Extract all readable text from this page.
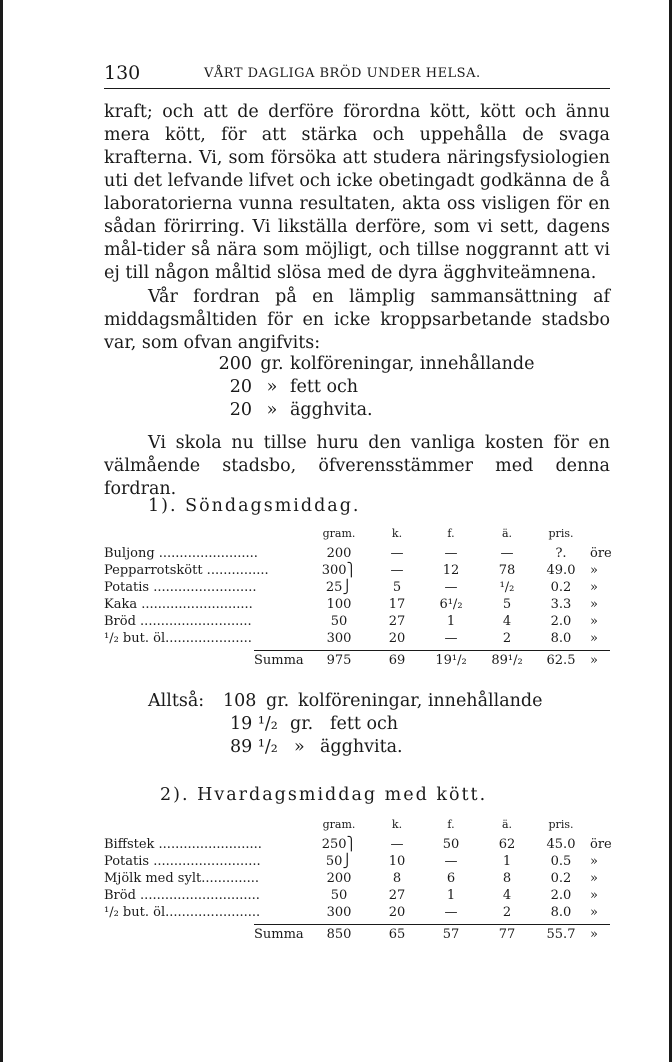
130	VÅRT DAGLIGA BRÖD UNDER HELSA.

kraft; och att de derföre förordna kött, kött och ännu mera kött, för att stärka och uppehålla de svaga krafterna. Vi, som försöka att studera näringsfysiologien uti det lefvande lifvet och icke obetingadt godkänna de å laboratorierna vunna resultaten, akta oss visligen för en sådan förirring. Vi likställa derföre, som vi sett, dagens mål-tider så nära som möjligt, och tillse noggrannt att vi ej till någon måltid slösa med de dyra ägghviteämnena.

Vår fordran på en lämplig sammansättning af middagsmåltiden för en icke kroppsarbetande stadsbo var, som ofvan angifvits:

200 gr. kolföreningar, innehållande
20 » fett och
20 » ägghvita.

Vi skola nu tillse huru den vanliga kosten för en välmående stadsbo, öfverensstämmer med denna fordran.

1). Söndagsmiddag.
gram.	k.	f.	ä.	pris.
Buljong ........................	200	—	—	—	?.	öre
Pepparrotskött ...............	300⎫	—	12	78	49.0	»
Potatis .........................	25⎭	5	—	¹/₂	0.2	»
Kaka ...........................	100	17	6¹/₂	5	3.3	»
Bröd ...........................	50	27	1	4	2.0	»
¹/₂ but. öl.....................	300	20	—	2	8.0	»
Summa	975	69	19¹/₂	89¹/₂	62.5	»
Alltså: 108 gr. kolföreningar, innehållande
19 ¹/₂ gr. fett och
89 ¹/₂ » ägghvita.
2). Hvardagsmiddag med kött.
gram.	k.	f.	ä.	pris.
Biffstek .........................	250⎫	—	50	62	45.0	öre
Potatis ..........................	50⎭	10	—	1	0.5	»
Mjölk med sylt..............	200	8	6	8	0.2	»
Bröd .............................	50	27	1	4	2.0	»
¹/₂ but. öl.......................	300	20	—	2	8.0	»
Summa	850	65	57	77	55.7	»
